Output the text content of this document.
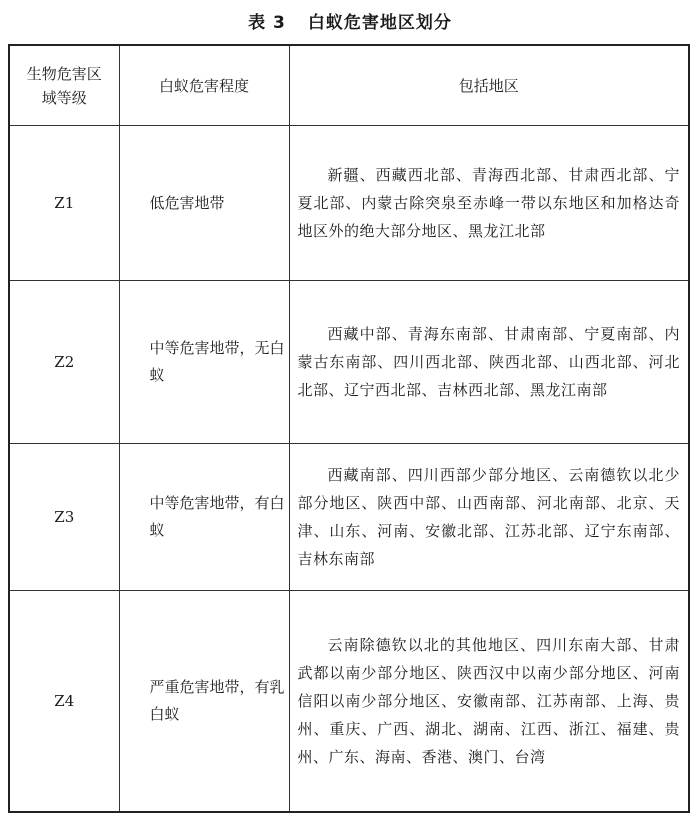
表 3 白蚁危害地区划分
生物危害区域等级	白蚁危害程度	包括地区
Z1	低危害地带	新疆、西藏西北部、青海西北部、甘肃西北部、宁夏北部、内蒙古除突泉至赤峰一带以东地区和加格达奇地区外的绝大部分地区、黑龙江北部
Z2	中等危害地带，无白蚁	西藏中部、青海东南部、甘肃南部、宁夏南部、内蒙古东南部、四川西北部、陕西北部、山西北部、河北北部、辽宁西北部、吉林西北部、黑龙江南部
Z3	中等危害地带，有白蚁	西藏南部、四川西部少部分地区、云南德钦以北少部分地区、陕西中部、山西南部、河北南部、北京、天津、山东、河南、安徽北部、江苏北部、辽宁东南部、吉林东南部
Z4	严重危害地带，有乳白蚁	云南除德钦以北的其他地区、四川东南大部、甘肃武都以南少部分地区、陕西汉中以南少部分地区、河南信阳以南少部分地区、安徽南部、江苏南部、上海、贵州、重庆、广西、湖北、湖南、江西、浙江、福建、贵州、广东、海南、香港、澳门、台湾
